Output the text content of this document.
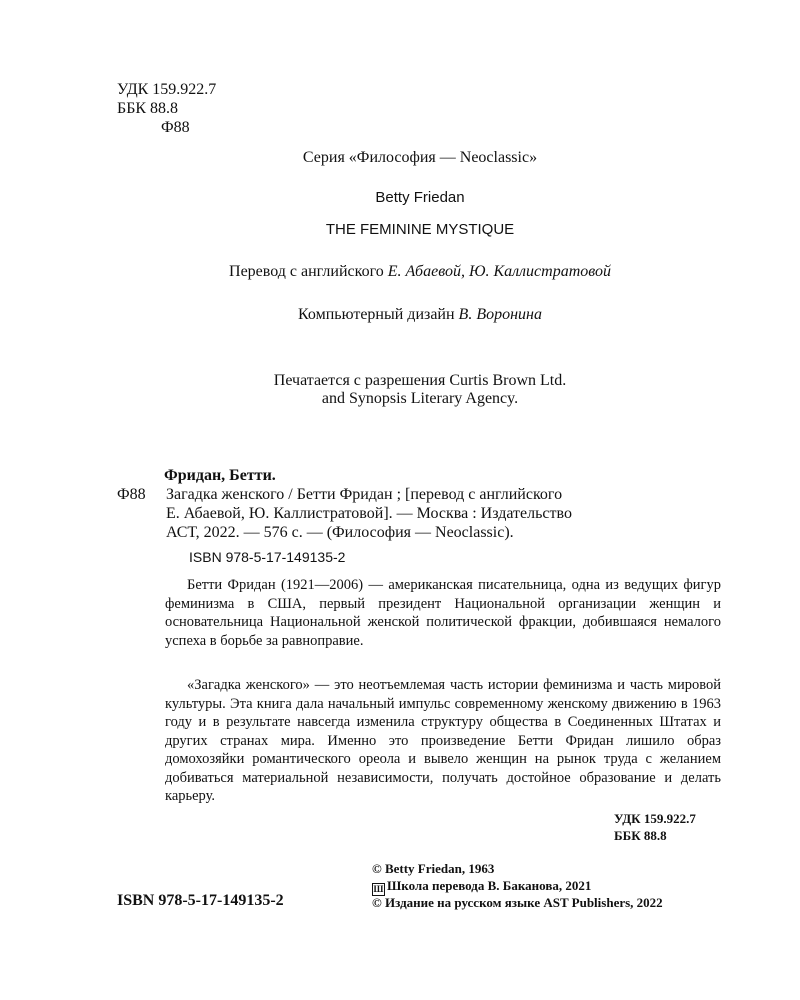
УДК 159.922.7
ББК 88.8
Ф88
Серия «Философия — Neoclassic»
Betty Friedan
THE FEMININE MYSTIQUE
Перевод с английского Е. Абаевой, Ю. Каллистратовой
Компьютерный дизайн В. Воронина
Печатается с разрешения Curtis Brown Ltd.
and Synopsis Literary Agency.
Фридан, Бетти.
Ф88 Загадка женского / Бетти Фридан ; [перевод с английского
Е. Абаевой, Ю. Каллистратовой]. — Москва : Издательство
АСТ, 2022. — 576 с. — (Философия — Neoclassic).
ISBN 978-5-17-149135-2
Бетти Фридан (1921—2006) — американская писательница, одна из ведущих фигур феминизма в США, первый президент Национальной организации женщин и основательница Национальной женской политической фракции, добившаяся немалого успеха в борьбе за равноправие.
«Загадка женского» — это неотъемлемая часть истории феминизма и часть мировой культуры. Эта книга дала начальный импульс современному женскому движению в 1963 году и в результате навсегда изменила структуру общества в Соединенных Штатах и других странах мира. Именно это произведение Бетти Фридан лишило образ домохозяйки романтического ореола и вывело женщин на рынок труда с желанием добиваться материальной независимости, получать достойное образование и делать карьеру.
УДК 159.922.7
ББК 88.8
ISBN 978-5-17-149135-2
© Betty Friedan, 1963
Ш Школа перевода В. Баканова, 2021
© Издание на русском языке AST Publishers, 2022
